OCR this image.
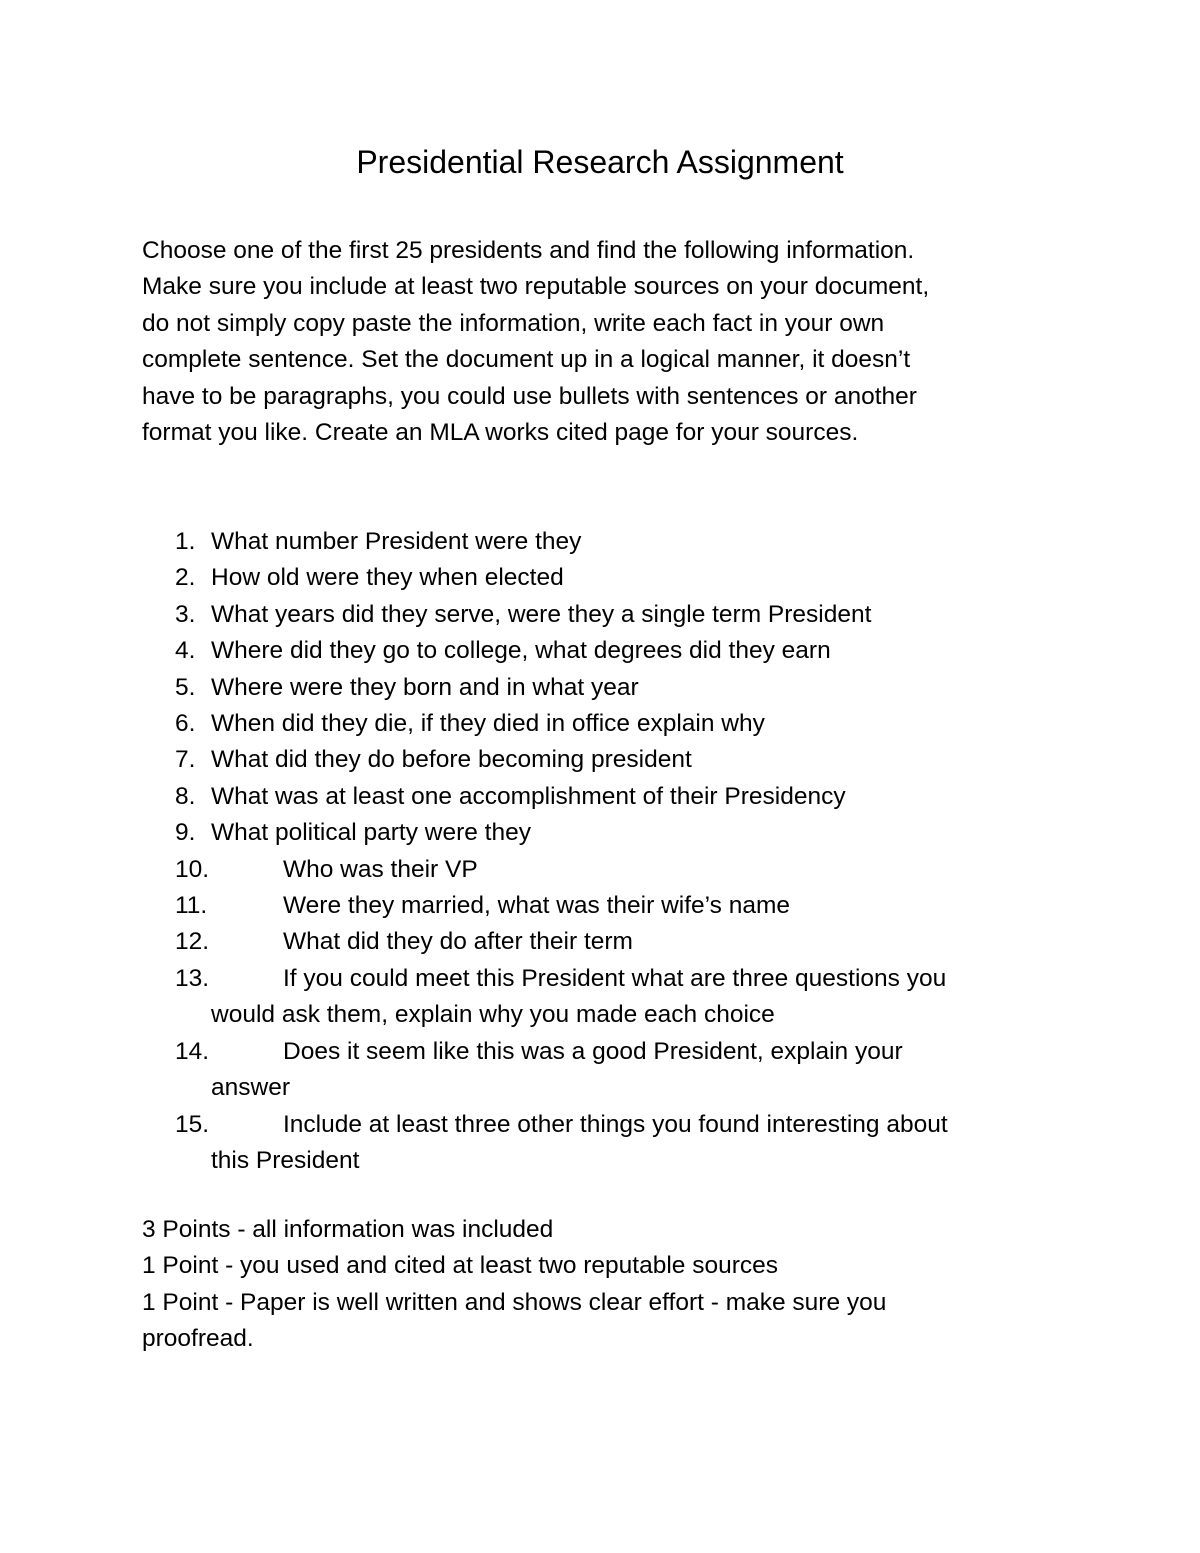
Presidential Research Assignment

Choose one of the first 25 presidents and find the following information.
Make sure you include at least two reputable sources on your document,
do not simply copy paste the information, write each fact in your own
complete sentence. Set the document up in a logical manner, it doesn’t
have to be paragraphs, you could use bullets with sentences or another
format you like. Create an MLA works cited page for your sources.

1. What number President were they
2. How old were they when elected
3. What years did they serve, were they a single term President
4. Where did they go to college, what degrees did they earn
5. Where were they born and in what year
6. When did they die, if they died in office explain why
7. What did they do before becoming president
8. What was at least one accomplishment of their Presidency
9. What political party were they
10.	Who was their VP
11.	Were they married, what was their wife’s name
12.	What did they do after their term
13.	If you could meet this President what are three questions you
would ask them, explain why you made each choice
14.	Does it seem like this was a good President, explain your
answer
15.	Include at least three other things you found interesting about
this President
3 Points - all information was included
1 Point - you used and cited at least two reputable sources
1 Point - Paper is well written and shows clear effort - make sure you
proofread.
